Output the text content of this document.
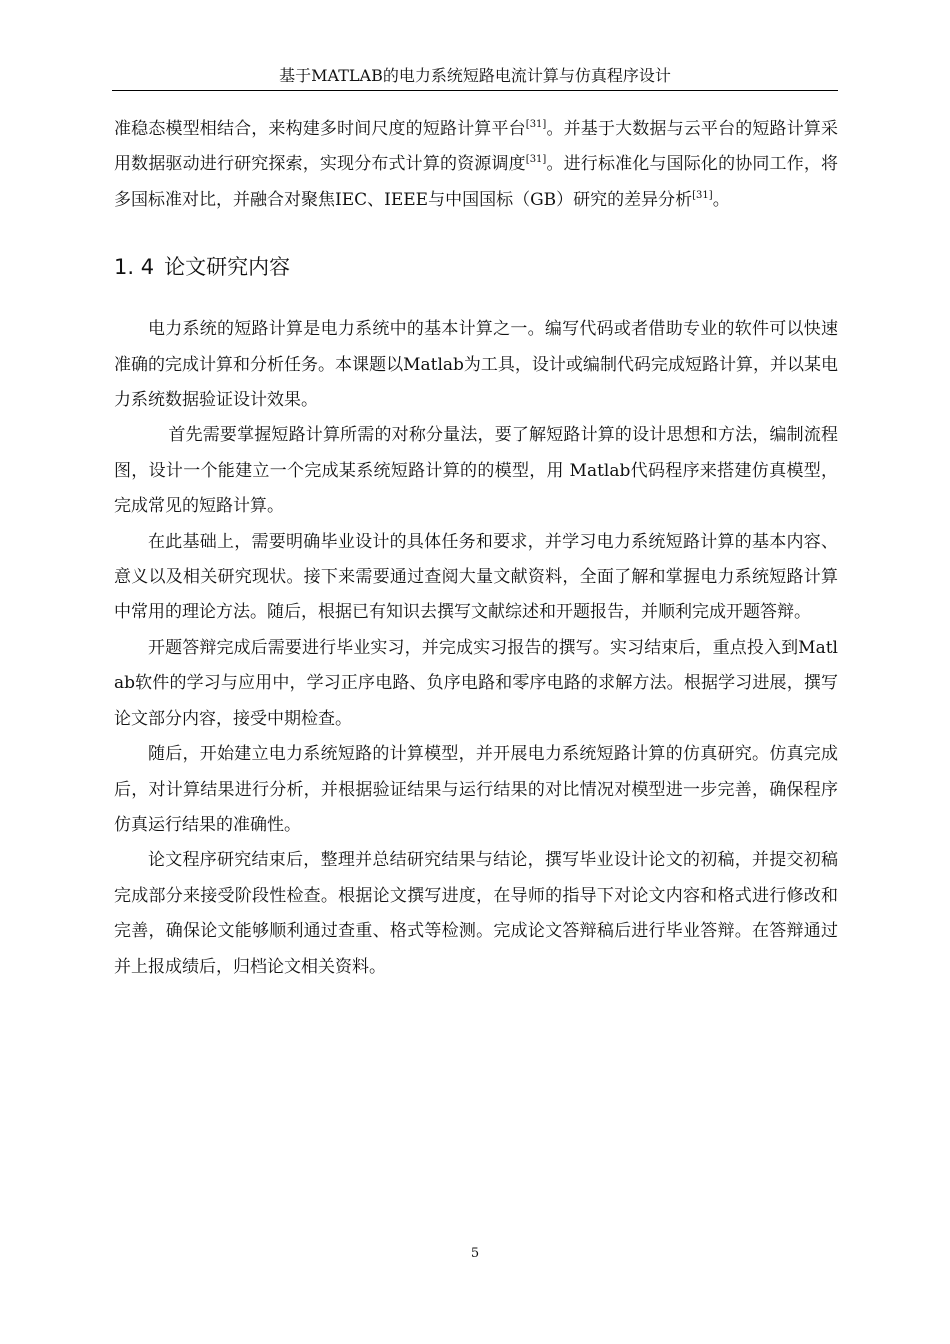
基于MATLAB的电力系统短路电流计算与仿真程序设计

准稳态模型相结合，来构建多时间尺度的短路计算平台[31]。并基于大数据与云平台的短路计算采用数据驱动进行研究探索，实现分布式计算的资源调度[31]。进行标准化与国际化的协同工作，将多国标准对比，并融合对聚焦IEC、IEEE与中国国标（GB）研究的差异分析[31]。

1. 4 论文研究内容

电力系统的短路计算是电力系统中的基本计算之一。编写代码或者借助专业的软件可以快速准确的完成计算和分析任务。本课题以Matlab为工具，设计或编制代码完成短路计算，并以某电力系统数据验证设计效果。

首先需要掌握短路计算所需的对称分量法，要了解短路计算的设计思想和方法，编制流程图，设计一个能建立一个完成某系统短路计算的的模型，用 Matlab代码程序来搭建仿真模型，完成常见的短路计算。

在此基础上，需要明确毕业设计的具体任务和要求，并学习电力系统短路计算的基本内容、意义以及相关研究现状。接下来需要通过查阅大量文献资料，全面了解和掌握电力系统短路计算中常用的理论方法。随后，根据已有知识去撰写文献综述和开题报告，并顺利完成开题答辩。

开题答辩完成后需要进行毕业实习，并完成实习报告的撰写。实习结束后，重点投入到Matlab软件的学习与应用中，学习正序电路、负序电路和零序电路的求解方法。根据学习进展，撰写论文部分内容，接受中期检查。

随后，开始建立电力系统短路的计算模型，并开展电力系统短路计算的仿真研究。仿真完成后，对计算结果进行分析，并根据验证结果与运行结果的对比情况对模型进一步完善，确保程序仿真运行结果的准确性。

论文程序研究结束后，整理并总结研究结果与结论，撰写毕业设计论文的初稿，并提交初稿完成部分来接受阶段性检查。根据论文撰写进度，在导师的指导下对论文内容和格式进行修改和完善，确保论文能够顺利通过查重、格式等检测。完成论文答辩稿后进行毕业答辩。在答辩通过并上报成绩后，归档论文相关资料。

5
